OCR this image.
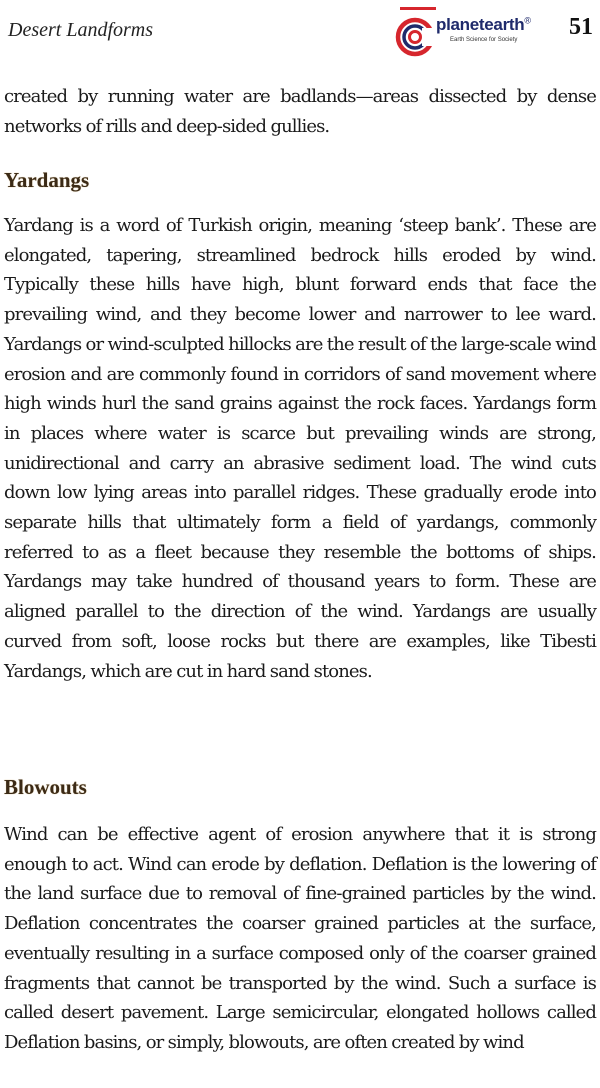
Desert Landforms	planetearth®
Earth Science for Society 51

created by running water are badlands—areas dissected by dense networks of rills and deep-sided gullies.

Yardangs

Yardang is a word of Turkish origin, meaning ‘steep bank’. These are elongated, tapering, streamlined bedrock hills eroded by wind. Typically these hills have high, blunt forward ends that face the prevailing wind, and they become lower and narrower to lee ward. Yardangs or wind-sculpted hillocks are the result of the large-scale wind erosion and are commonly found in corridors of sand movement where high winds hurl the sand grains against the rock faces. Yardangs form in places where water is scarce but prevailing winds are strong, unidirectional and carry an abrasive sediment load. The wind cuts down low lying areas into parallel ridges. These gradually erode into separate hills that ultimately form a field of yardangs, commonly referred to as a fleet because they resemble the bottoms of ships. Yardangs may take hundred of thousand years to form. These are aligned parallel to the direction of the wind. Yardangs are usually curved from soft, loose rocks but there are examples, like Tibesti Yardangs, which are cut in hard sand stones.

Blowouts

Wind can be effective agent of erosion anywhere that it is strong enough to act. Wind can erode by deflation. Deflation is the lowering of the land surface due to removal of fine-grained particles by the wind. Deflation concentrates the coarser grained particles at the surface, eventually resulting in a surface composed only of the coarser grained fragments that cannot be transported by the wind. Such a surface is called desert pavement. Large semicircular, elongated hollows called Deflation basins, or simply, blowouts, are often created by wind
